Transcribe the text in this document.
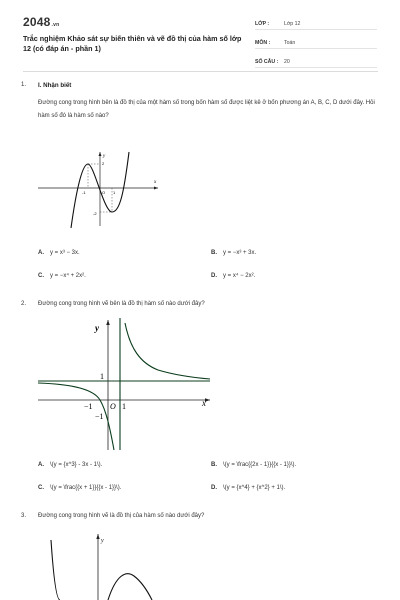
2048.vn
Trắc nghiệm Khảo sát sự biến thiên và vẽ đồ thị của hàm số lớp 12 (có đáp án - phần 1)
LỚP :	Lớp 12
MÔN :	Toán
SỐ CÂU :	20
1. I. Nhận biết
Đường cong trong hình bên là đồ thị của một hàm số trong bốn hàm số được liệt kê ở bốn phương án A, B, C, D dưới đây. Hỏi hàm số đó là hàm số nào?
y
x
O
-1	1
2
-2
A. y = x³ − 3x.	B. y = −x³ + 3x.
C. y = −x⁴ + 2x².	D. y = x⁴ − 2x².
2. Đường cong trong hình vẽ bên là đồ thị hàm số nào dưới đây?
y
x
O 1
1
−1
−1
A. \(y = {x^3} - 3x - 1\).	B. \(y = \frac{{2x - 1}}{{x - 1}}\).
C. \(y = \frac{{x + 1}}{{x - 1}}\).	D. \(y = {x^4} + {x^2} + 1\).
3. Đường cong trong hình vẽ là đồ thị của hàm số nào dưới đây?
y
